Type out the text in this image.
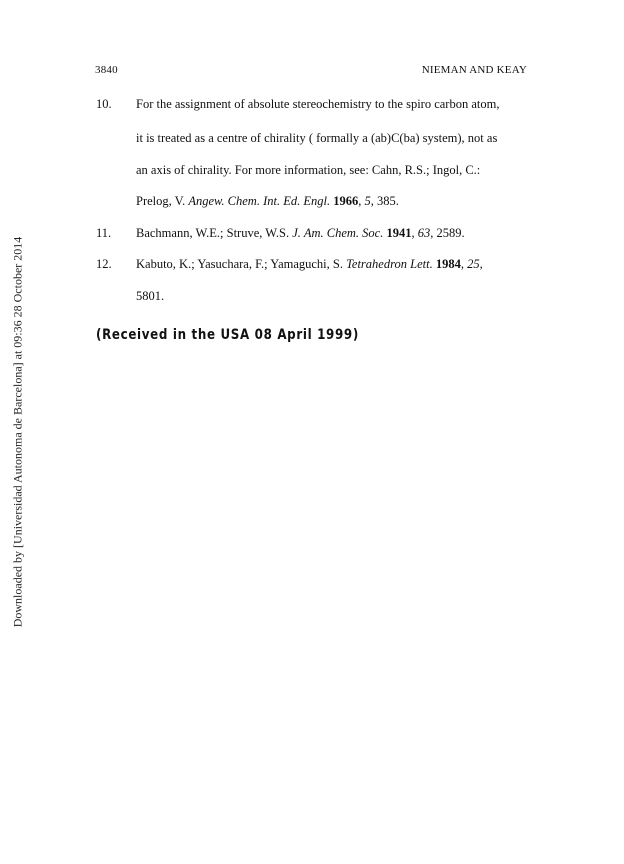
3840	NIEMAN AND KEAY
10. For the assignment of absolute stereochemistry to the spiro carbon atom,
it is treated as a centre of chirality ( formally a (ab)C(ba) system), not as
an axis of chirality. For more information, see: Cahn, R.S.; Ingol, C.:
Prelog, V. Angew. Chem. Int. Ed. Engl. 1966, 5, 385.
11. Bachmann, W.E.; Struve, W.S. J. Am. Chem. Soc. 1941, 63, 2589.
12. Kabuto, K.; Yasuchara, F.; Yamaguchi, S. Tetrahedron Lett. 1984, 25,
5801.
(Received in the USA 08 April 1999)
Downloaded by [Universidad Autonoma de Barcelona] at 09:36 28 October 2014
